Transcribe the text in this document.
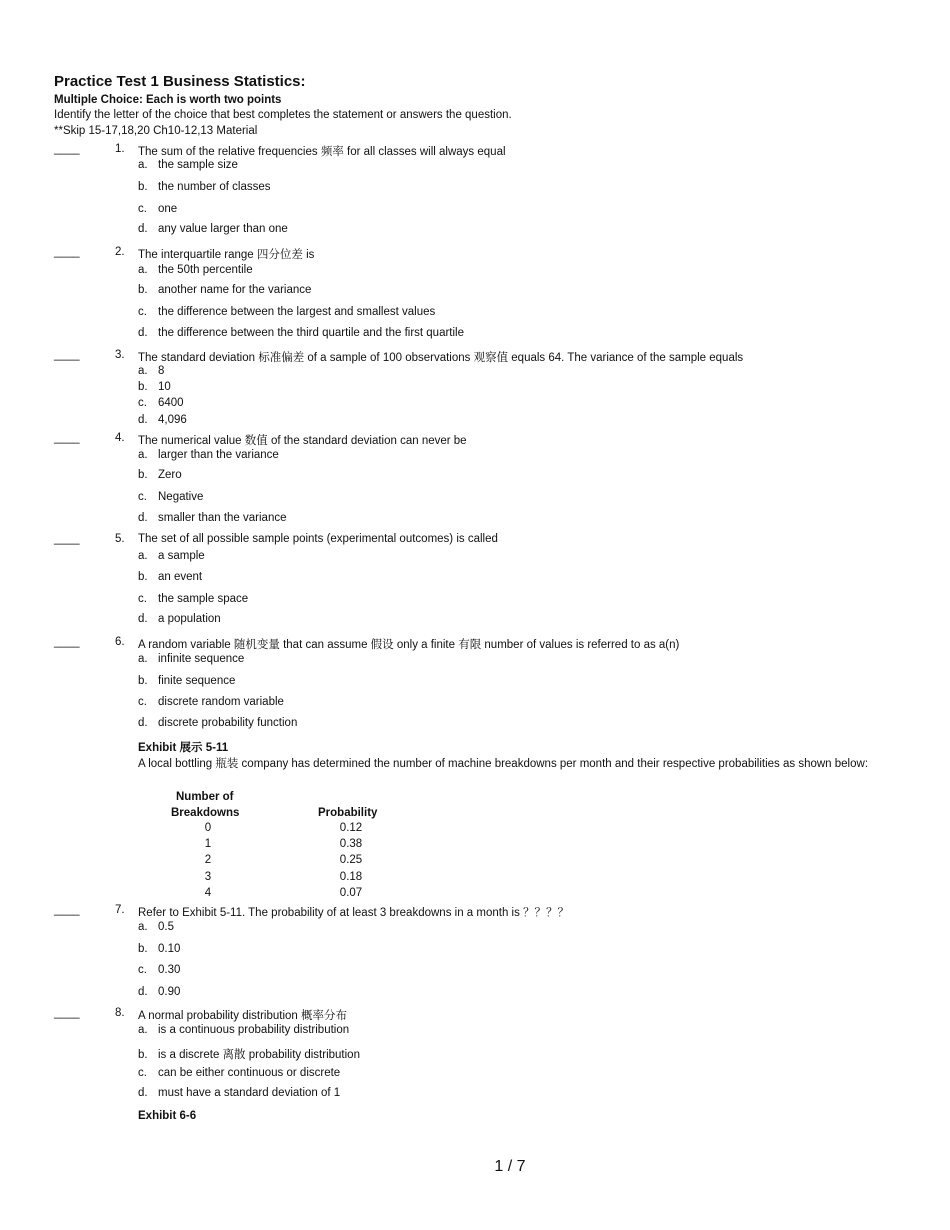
Practice Test 1 Business Statistics:
Multiple Choice: Each is worth two points
Identify the letter of the choice that best completes the statement or answers the question.
**Skip 15-17,18,20 Ch10-12,13 Material
____	1. The sum of the relative frequencies 频率 for all classes will always equal
a. the sample size
b. the number of classes
c. one
d. any value larger than one
____	2. The interquartile range 四分位差 is
a. the 50th percentile
b. another name for the variance
c. the difference between the largest and smallest values
d. the difference between the third quartile and the first quartile
____	3. The standard deviation 标准偏差 of a sample of 100 observations 观察值 equals 64. The variance of the sample equals
a. 8
b. 10
c. 6400
d. 4,096
____	4. The numerical value 数值 of the standard deviation can never be
a. larger than the variance
b. Zero
c. Negative
d. smaller than the variance
____	5. The set of all possible sample points (experimental outcomes) is called
a. a sample
b. an event
c. the sample space
d. a population
____	6. A random variable 随机变量 that can assume 假设 only a finite 有限 number of values is referred to as a(n)
a. infinite sequence
b. finite sequence
c. discrete random variable
d. discrete probability function
Exhibit 展示 5-11
A local bottling 瓶装 company has determined the number of machine breakdowns per month and their respective probabilities as shown below:
Number of
Breakdowns	Probability
0	0.12
1	0.38
2	0.25
3	0.18
4	0.07
____	7. Refer to Exhibit 5-11. The probability of at least 3 breakdowns in a month is ？？？？
a. 0.5
b. 0.10
c. 0.30
d. 0.90
____	8. A normal probability distribution 概率分布
a. is a continuous probability distribution
b. is a discrete 离散 probability distribution
c. can be either continuous or discrete
d. must have a standard deviation of 1
Exhibit 6-6
1 / 7
